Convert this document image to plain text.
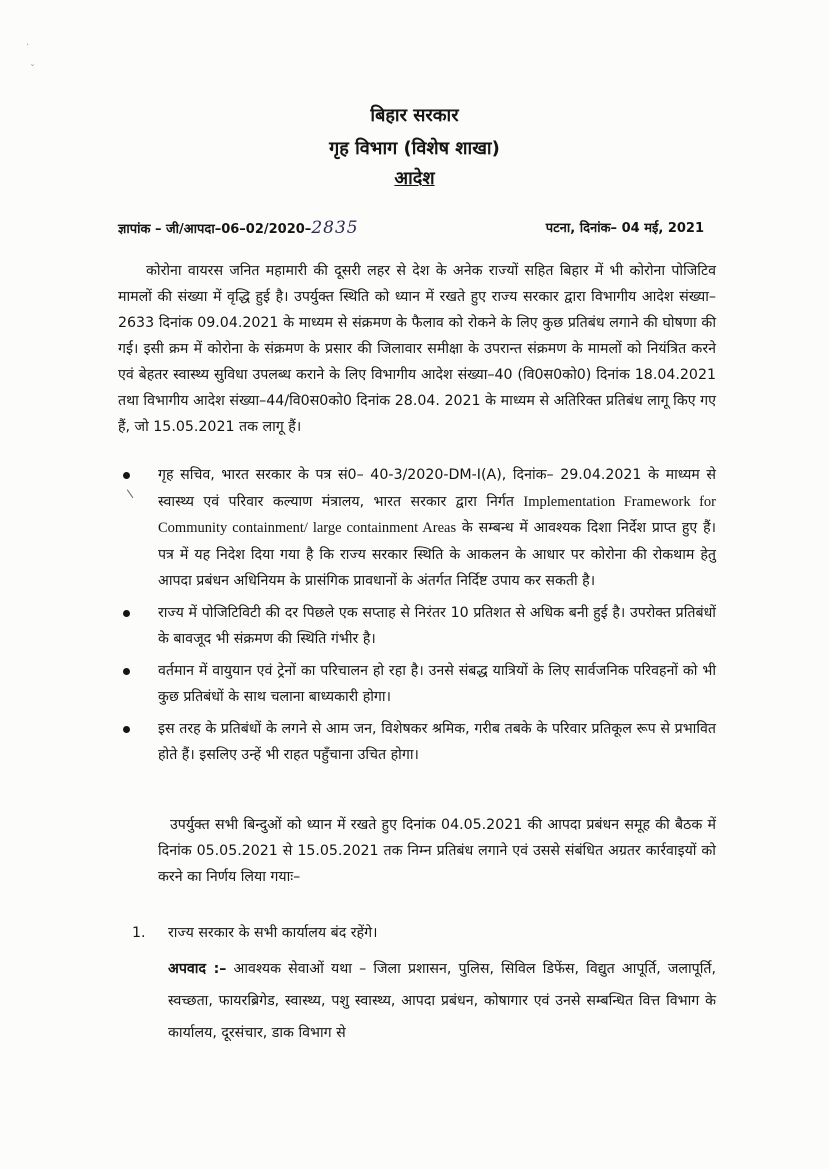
·
ˇ
बिहार सरकार
गृह विभाग (विशेष शाखा)
आदेश
ज्ञापांक – जी/आपदा–06–02/2020–2835	पटना, दिनांक– 04 मई, 2021
कोरोना वायरस जनित महामारी की दूसरी लहर से देश के अनेक राज्यों सहित बिहार में भी कोरोना पोजिटिव मामलों की संख्या में वृद्धि हुई है। उपर्युक्त स्थिति को ध्यान में रखते हुए राज्य सरकार द्वारा विभागीय आदेश संख्या–2633 दिनांक 09.04.2021 के माध्यम से संक्रमण के फैलाव को रोकने के लिए कुछ प्रतिबंध लगाने की घोषणा की गई। इसी क्रम में कोरोना के संक्रमण के प्रसार की जिलावार समीक्षा के उपरान्त संक्रमण के मामलों को नियंत्रित करने एवं बेहतर स्वास्थ्य सुविधा उपलब्ध कराने के लिए विभागीय आदेश संख्या–40 (वि0स0को0) दिनांक 18.04.2021 तथा विभागीय आदेश संख्या–44/वि0स0को0 दिनांक 28.04. 2021 के माध्यम से अतिरिक्त प्रतिबंध लागू किए गए हैं, जो 15.05.2021 तक लागू हैं।
गृह सचिव, भारत सरकार के पत्र सं0– 40-3/2020-DM-I(A), दिनांक– 29.04.2021 के माध्यम से स्वास्थ्य एवं परिवार कल्याण मंत्रालय, भारत सरकार द्वारा निर्गत Implementation Framework for Community containment/ large containment Areas के सम्बन्ध में आवश्यक दिशा निर्देश प्राप्त हुए हैं। पत्र में यह निदेश दिया गया है कि राज्य सरकार स्थिति के आकलन के आधार पर कोरोना की रोकथाम हेतु आपदा प्रबंधन अधिनियम के प्रासंगिक प्रावधानों के अंतर्गत निर्दिष्ट उपाय कर सकती है।
राज्य में पोजिटिविटी की दर पिछले एक सप्ताह से निरंतर 10 प्रतिशत से अधिक बनी हुई है। उपरोक्त प्रतिबंधों के बावजूद भी संक्रमण की स्थिति गंभीर है।
वर्तमान में वायुयान एवं ट्रेनों का परिचालन हो रहा है। उनसे संबद्ध यात्रियों के लिए सार्वजनिक परिवहनों को भी कुछ प्रतिबंधों के साथ चलाना बाध्यकारी होगा।
इस तरह के प्रतिबंधों के लगने से आम जन, विशेषकर श्रमिक, गरीब तबके के परिवार प्रतिकूल रूप से प्रभावित होते हैं। इसलिए उन्हें भी राहत पहुँचाना उचित होगा।
उपर्युक्त सभी बिन्दुओं को ध्यान में रखते हुए दिनांक 04.05.2021 की आपदा प्रबंधन समूह की बैठक में दिनांक 05.05.2021 से 15.05.2021 तक निम्न प्रतिबंध लगाने एवं उससे संबंधित अग्रतर कार्रवाइयों को करने का निर्णय लिया गयाः–
1. राज्य सरकार के सभी कार्यालय बंद रहेंगे।
अपवाद :– आवश्यक सेवाओं यथा – जिला प्रशासन, पुलिस, सिविल डिफेंस, विद्युत आपूर्ति, जलापूर्ति, स्वच्छता, फायरब्रिगेड, स्वास्थ्य, पशु स्वास्थ्य, आपदा प्रबंधन, कोषागार एवं उनसे सम्बन्धित वित्त विभाग के कार्यालय, दूरसंचार, डाक विभाग से
